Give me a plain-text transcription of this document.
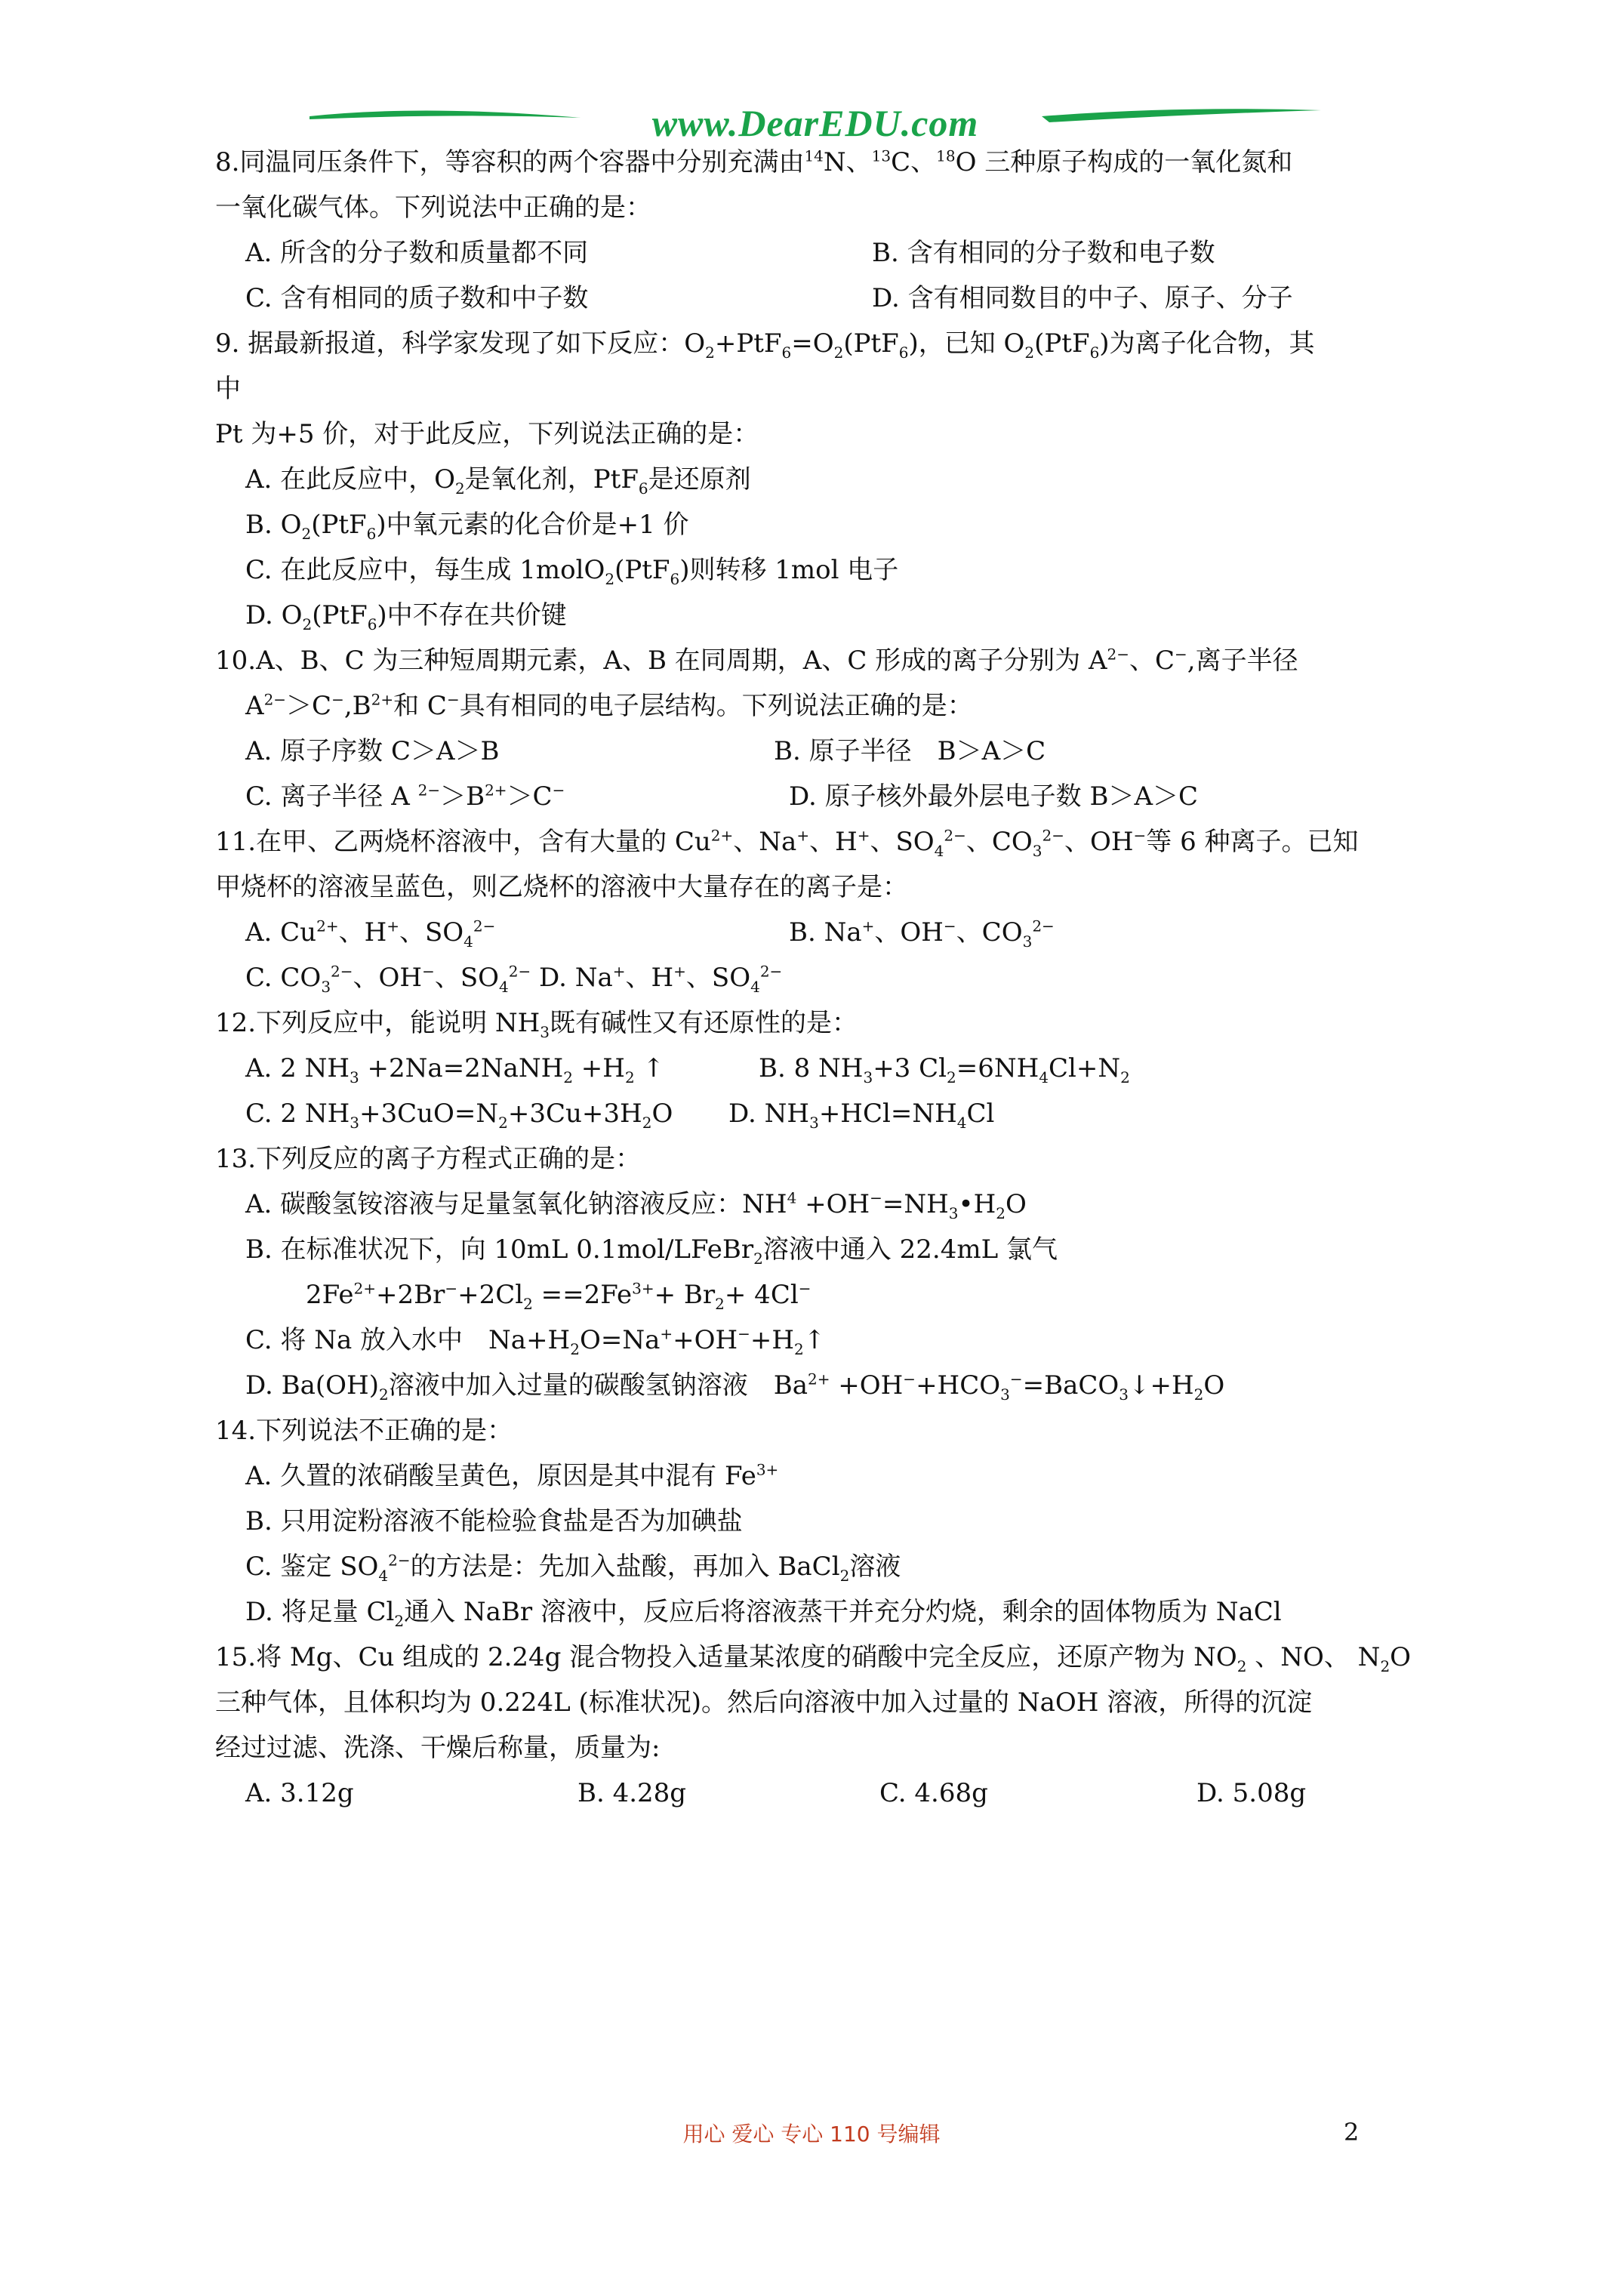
www.DearEDU.com
8.同温同压条件下，等容积的两个容器中分别充满由$^{14}$N、$^{13}$C、$^{18}$O 三种原子构成的一氧化氮和
一氧化碳气体。下列说法中正确的是：
A. 所含的分子数和质量都不同	B. 含有相同的分子数和电子数
C. 含有相同的质子数和中子数	D. 含有相同数目的中子、原子、分子
9. 据最新报道，科学家发现了如下反应：$O_2+PtF_6=O_2(PtF_6)$，已知 $O_2(PtF_6)$为离子化合物，其
中
Pt 为+5 价，对于此反应，下列说法正确的是：
A. 在此反应中，$O_2$是氧化剂，PtF$_6$是还原剂
B. $O_2(PtF_6)$中氧元素的化合价是+1 价
C. 在此反应中，每生成 1molO$_2$(PtF$_6$)则转移 1mol 电子
D. $O_2(PtF_6)$中不存在共价键
10.A、B、C 为三种短周期元素，A、B 在同周期，A、C 形成的离子分别为 $A^{2-}$、C−,离子半径
$A^{2-}>C^-,B^{2+}$和 C−具有相同的电子层结构。下列说法正确的是：
A. 原子序数 C＞A＞B	B. 原子半径　B＞A＞C
C. 离子半径 A $^{2-}>B^{2+}>C^-$	D. 原子核外最外层电子数 B＞A＞C
11.在甲、乙两烧杯溶液中，含有大量的 $Cu^{2+}$、Na+、H+、$SO_4^{2-}$、$CO_3^{2-}$、OH−等 6 种离子。已知
甲烧杯的溶液呈蓝色，则乙烧杯的溶液中大量存在的离子是：
A. $Cu^{2+}$、H+、$SO_4^{2-}$	B. Na+、OH−、$CO_3^{2-}$
C. $CO_3^{2-}$、OH−、$SO_4^{2-}$ D. Na+、H+、$SO_4^{2-}$
12.下列反应中，能说明 $NH_3$既有碱性又有还原性的是：
A. 2 $NH_3$ +2Na=2NaNH$_2$ $+H_2$ ↑	B. 8 $NH_3+3$ $Cl_2=6NH_4Cl+N_2$
C. 2 $NH_3+3CuO=N_2+3Cu+3H_2O$	D. $NH_3+HCl=NH_4Cl$
13.下列反应的离子方程式正确的是：
A. 碳酸氢铵溶液与足量氢氧化钠溶液反应：$NH^4$ $+OH^-=NH_3•H_2O$
B. 在标准状况下，向 10mL 0.1mol/LFeBr$_2$溶液中通入 22.4mL 氯气
$2Fe^{2+}+2Br^-+2Cl_2 ==2Fe^{3+}+ Br_2+ 4Cl^-$
C. 将 Na 放入水中　$Na+H_2O=Na^++OH^-+H_2↑$
D. $Ba(OH)_2$溶液中加入过量的碳酸氢钠溶液　$Ba^{2+}$ $+OH^-+HCO_3^-=BaCO_3↓+H_2O$
14.下列说法不正确的是：
A. 久置的浓硝酸呈黄色，原因是其中混有 $Fe^{3+}$
B. 只用淀粉溶液不能检验食盐是否为加碘盐
C. 鉴定 $SO_4^{2-}$的方法是：先加入盐酸，再加入 BaCl$_2$溶液
D. 将足量 $Cl_2$通入 NaBr 溶液中，反应后将溶液蒸干并充分灼烧，剩余的固体物质为 NaCl
15.将 Mg、Cu 组成的 2.24g 混合物投入适量某浓度的硝酸中完全反应，还原产物为 $NO_2$ 、NO、 $N_2O$
三种气体，且体积均为 0.224L (标准状况)。然后向溶液中加入过量的 NaOH 溶液，所得的沉淀
经过过滤、洗涤、干燥后称量，质量为:
A. 3.12g	B. 4.28g	C. 4.68g	D. 5.08g
用心 爱心 专心 110 号编辑	2
